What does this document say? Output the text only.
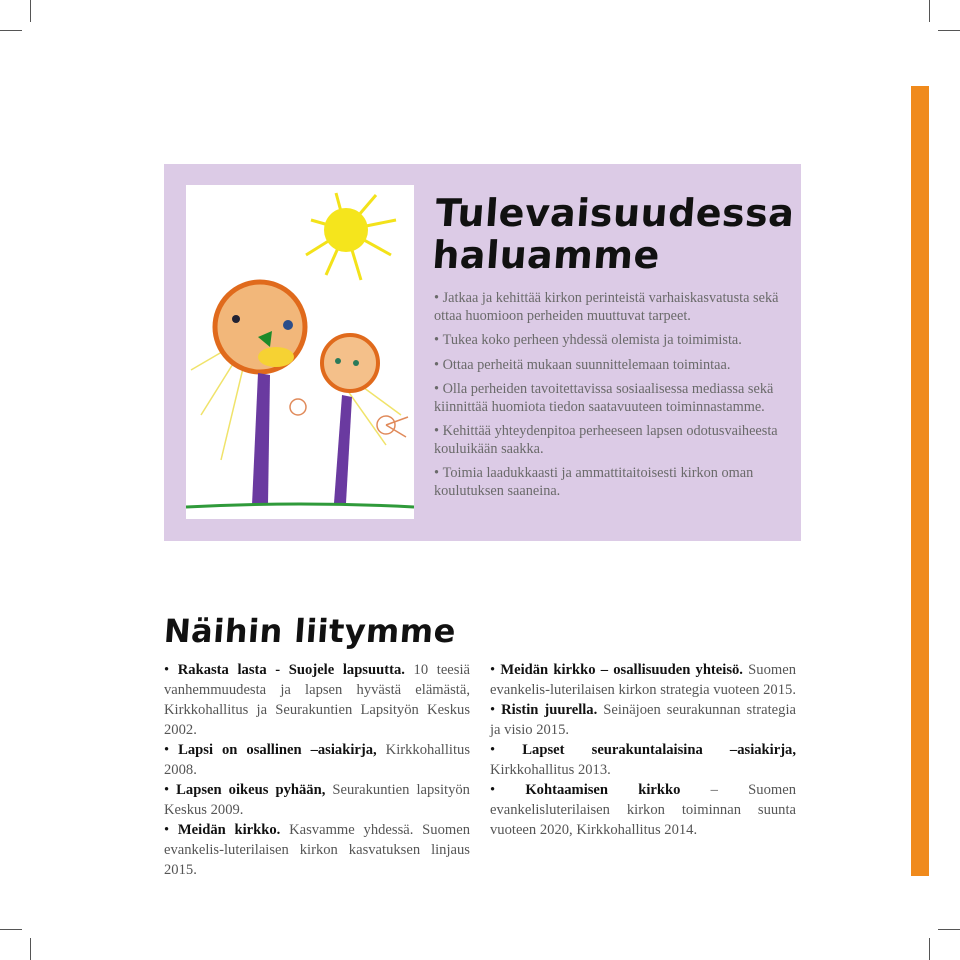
Tulevaisuudessa
haluamme
• Jatkaa ja kehittää kirkon perinteistä varhaiskasvatusta sekä ottaa huomioon perheiden muuttuvat tarpeet.
• Tukea koko perheen yhdessä olemista ja toimimista.
• Ottaa perheitä mukaan suunnittelemaan toimintaa.
• Olla perheiden tavoitettavissa sosiaalisessa mediassa sekä kiinnittää huomiota tiedon saatavuuteen toiminnastamme.
• Kehittää yhteydenpitoa perheeseen lapsen odotusvaiheesta kouluikään saakka.
• Toimia laadukkaasti ja ammattitaitoisesti kirkon oman koulutuksen saaneina.
Näihin liitymme

• Rakasta lasta - Suojele lapsuutta. 10 teesiä vanhemmuudesta ja lapsen hyvästä elämästä, Kirkkohallitus ja Seurakuntien Lapsityön Keskus 2002.

• Lapsi on osallinen –asiakirja, Kirkkohallitus 2008.

• Lapsen oikeus pyhään, Seurakuntien lapsityön Keskus 2009.

• Meidän kirkko. Kasvamme yhdessä. Suomen evankelis-luterilaisen kirkon kasvatuksen linjaus 2015.

• Meidän kirkko – osallisuuden yhteisö. Suomen evankelis-luterilaisen kirkon strategia vuoteen 2015.

• Ristin juurella. Seinäjoen seurakunnan strategia ja visio 2015.

• Lapset seurakuntalaisina –asiakirja, Kirkkohallitus 2013.

• Kohtaamisen kirkko – Suomen evankelisluterilaisen kirkon toiminnan suunta vuoteen 2020, Kirkkohallitus 2014.
